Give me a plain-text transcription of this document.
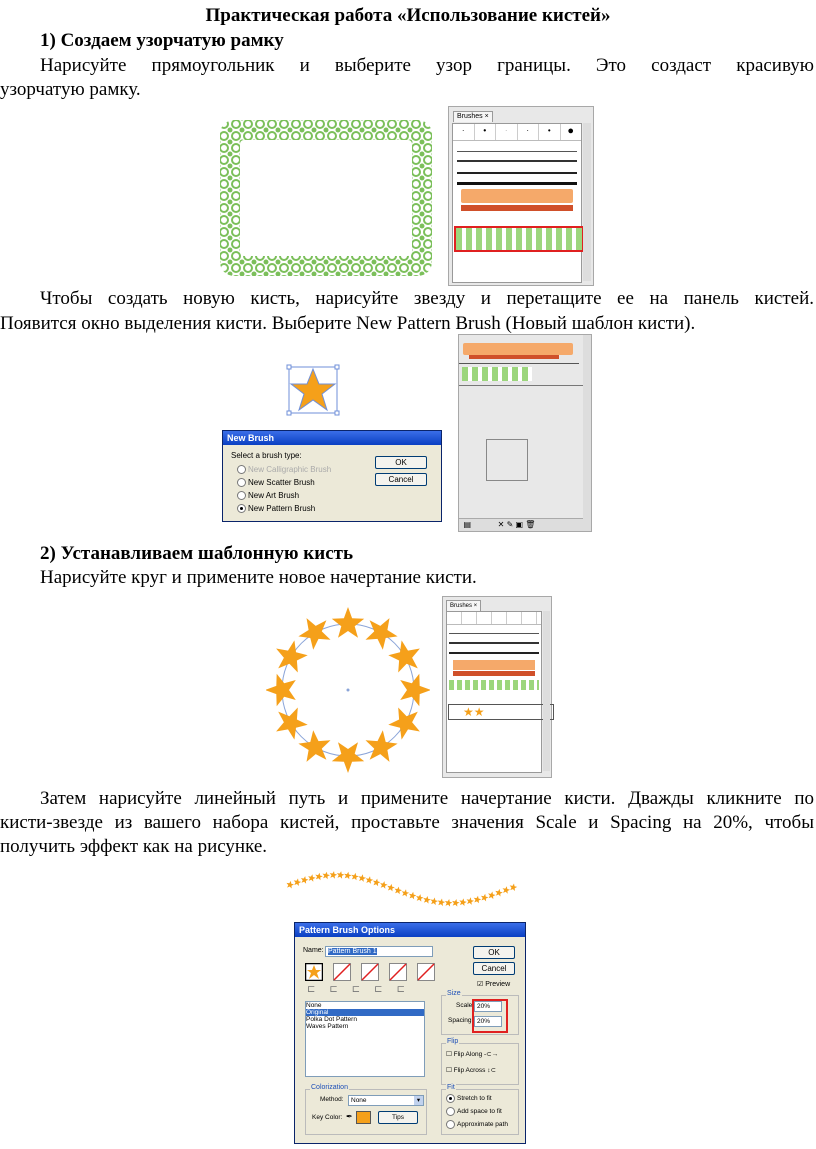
Практическая работа «Использование кистей»
1) Создаем узорчатую рамку
Нарисуйте прямоугольник и выберите узор границы. Это создаст красивую
узорчатую рамку.
Brushes ×
·	•	·	·	•	●
Чтобы создать новую кисть, нарисуйте звезду и перетащите ее на панель кистей.
Появится окно выделения кисти. Выберите New Pattern Brush (Новый шаблон кисти).
New Brush
Select a brush type:
New Calligraphic Brush
New Scatter Brush
New Art Brush
New Pattern Brush
OK
Cancel
▤            ✕ ✎ ▣ 🗑
2) Устанавливаем шаблонную кисть
Нарисуйте круг и примените новое начертание кисти.
Brushes ×
★★
Затем нарисуйте линейный путь и примените начертание кисти. Дважды кликните по
кисти-звезде из вашего набора кистей, проставьте значения Scale и Spacing на 20%, чтобы
получить эффект как на рисунке.
Pattern Brush Options
Name: Pattern Brush 1	OK
Cancel
☑ Preview
⊏ ⊏ ⊏ ⊏ ⊏
None
Original
Polka Dot Pattern
Waves Pattern
Size
Scale: 20%
Spacing: 20%
Flip
☐ Flip Along -⊂→
☐ Flip Across ↕⊂
Colorization
Method:	None	▾
Key Color: ✒	Tips
Fit
Stretch to fit
Add space to fit
Approximate path
